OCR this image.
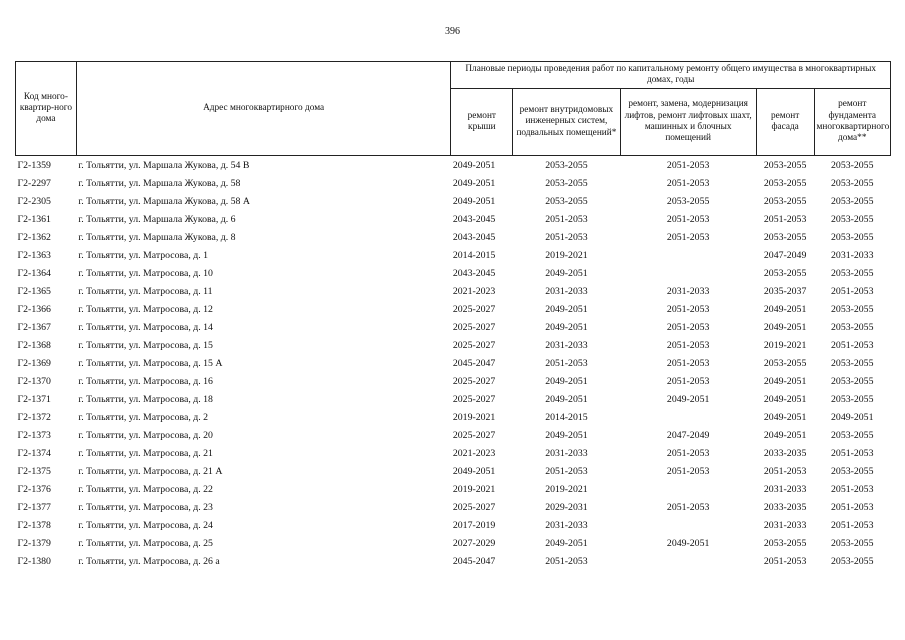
396
Код много-квартир-ного дома	Адрес многоквартирного дома	Плановые периоды проведения работ по капитальному ремонту общего имущества в многоквартирных домах, годы				
		ремонт крыши	ремонт внутридомовых инженерных систем, подвальных помещений*	ремонт, замена, модернизация лифтов, ремонт лифтовых шахт, машинных и блочных помещений	ремонт фасада	ремонт фундамента многоквартирного дома**
Г2-1359	г. Тольятти, ул. Маршала Жукова, д. 54 В	2049-2051	2053-2055	2051-2053	2053-2055	2053-2055
Г2-2297	г. Тольятти, ул. Маршала Жукова, д. 58	2049-2051	2053-2055	2051-2053	2053-2055	2053-2055
Г2-2305	г. Тольятти, ул. Маршала Жукова, д. 58 А	2049-2051	2053-2055	2053-2055	2053-2055	2053-2055
Г2-1361	г. Тольятти, ул. Маршала Жукова, д. 6	2043-2045	2051-2053	2051-2053	2051-2053	2053-2055
Г2-1362	г. Тольятти, ул. Маршала Жукова, д. 8	2043-2045	2051-2053	2051-2053	2053-2055	2053-2055
Г2-1363	г. Тольятти, ул. Матросова, д. 1	2014-2015	2019-2021		2047-2049	2031-2033
Г2-1364	г. Тольятти, ул. Матросова, д. 10	2043-2045	2049-2051		2053-2055	2053-2055
Г2-1365	г. Тольятти, ул. Матросова, д. 11	2021-2023	2031-2033	2031-2033	2035-2037	2051-2053
Г2-1366	г. Тольятти, ул. Матросова, д. 12	2025-2027	2049-2051	2051-2053	2049-2051	2053-2055
Г2-1367	г. Тольятти, ул. Матросова, д. 14	2025-2027	2049-2051	2051-2053	2049-2051	2053-2055
Г2-1368	г. Тольятти, ул. Матросова, д. 15	2025-2027	2031-2033	2051-2053	2019-2021	2051-2053
Г2-1369	г. Тольятти, ул. Матросова, д. 15 А	2045-2047	2051-2053	2051-2053	2053-2055	2053-2055
Г2-1370	г. Тольятти, ул. Матросова, д. 16	2025-2027	2049-2051	2051-2053	2049-2051	2053-2055
Г2-1371	г. Тольятти, ул. Матросова, д. 18	2025-2027	2049-2051	2049-2051	2049-2051	2053-2055
Г2-1372	г. Тольятти, ул. Матросова, д. 2	2019-2021	2014-2015		2049-2051	2049-2051
Г2-1373	г. Тольятти, ул. Матросова, д. 20	2025-2027	2049-2051	2047-2049	2049-2051	2053-2055
Г2-1374	г. Тольятти, ул. Матросова, д. 21	2021-2023	2031-2033	2051-2053	2033-2035	2051-2053
Г2-1375	г. Тольятти, ул. Матросова, д. 21 А	2049-2051	2051-2053	2051-2053	2051-2053	2053-2055
Г2-1376	г. Тольятти, ул. Матросова, д. 22	2019-2021	2019-2021		2031-2033	2051-2053
Г2-1377	г. Тольятти, ул. Матросова, д. 23	2025-2027	2029-2031	2051-2053	2033-2035	2051-2053
Г2-1378	г. Тольятти, ул. Матросова, д. 24	2017-2019	2031-2033		2031-2033	2051-2053
Г2-1379	г. Тольятти, ул. Матросова, д. 25	2027-2029	2049-2051	2049-2051	2053-2055	2053-2055
Г2-1380	г. Тольятти, ул. Матросова, д. 26 а	2045-2047	2051-2053		2051-2053	2053-2055
